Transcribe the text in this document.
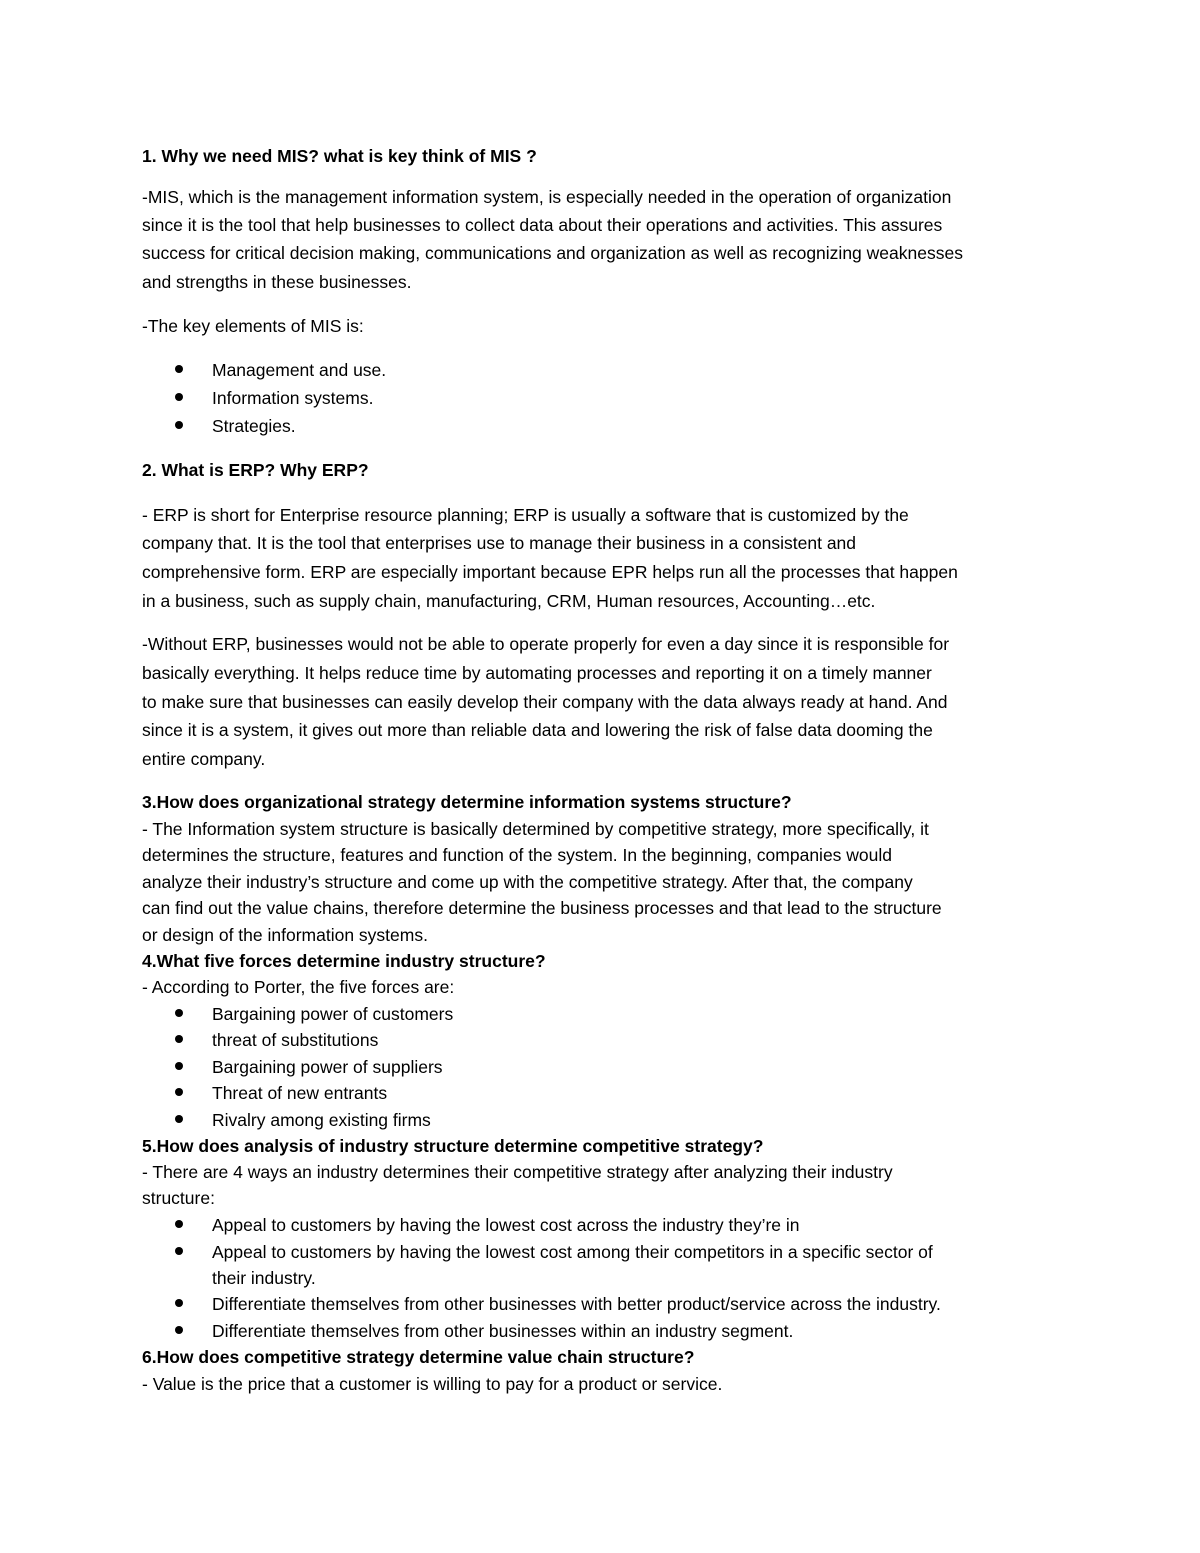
1. Why we need MIS? what is key think of MIS ?
-MIS, which is the management information system, is especially needed in the operation of organization
since it is the tool that help businesses to collect data about their operations and activities. This assures
success for critical decision making, communications and organization as well as recognizing weaknesses
and strengths in these businesses.
-The key elements of MIS is:
Management and use.
Information systems.
Strategies.
2. What is ERP? Why ERP?
- ERP is short for Enterprise resource planning; ERP is usually a software that is customized by the
company that. It is the tool that enterprises use to manage their business in a consistent and
comprehensive form. ERP are especially important because EPR helps run all the processes that happen
in a business, such as supply chain, manufacturing, CRM, Human resources, Accounting…etc.
-Without ERP, businesses would not be able to operate properly for even a day since it is responsible for
basically everything. It helps reduce time by automating processes and reporting it on a timely manner
to make sure that businesses can easily develop their company with the data always ready at hand. And
since it is a system, it gives out more than reliable data and lowering the risk of false data dooming the
entire company.
3.How does organizational strategy determine information systems structure?
- The Information system structure is basically determined by competitive strategy, more specifically, it
determines the structure, features and function of the system. In the beginning, companies would
analyze their industry’s structure and come up with the competitive strategy. After that, the company
can find out the value chains, therefore determine the business processes and that lead to the structure
or design of the information systems.
4.What five forces determine industry structure?
- According to Porter, the five forces are:
Bargaining power of customers
threat of substitutions
Bargaining power of suppliers
Threat of new entrants
Rivalry among existing firms
5.How does analysis of industry structure determine competitive strategy?
- There are 4 ways an industry determines their competitive strategy after analyzing their industry
structure:
Appeal to customers by having the lowest cost across the industry they’re in
Appeal to customers by having the lowest cost among their competitors in a specific sector of
their industry.
Differentiate themselves from other businesses with better product/service across the industry.
Differentiate themselves from other businesses within an industry segment.
6.How does competitive strategy determine value chain structure?
- Value is the price that a customer is willing to pay for a product or service.
